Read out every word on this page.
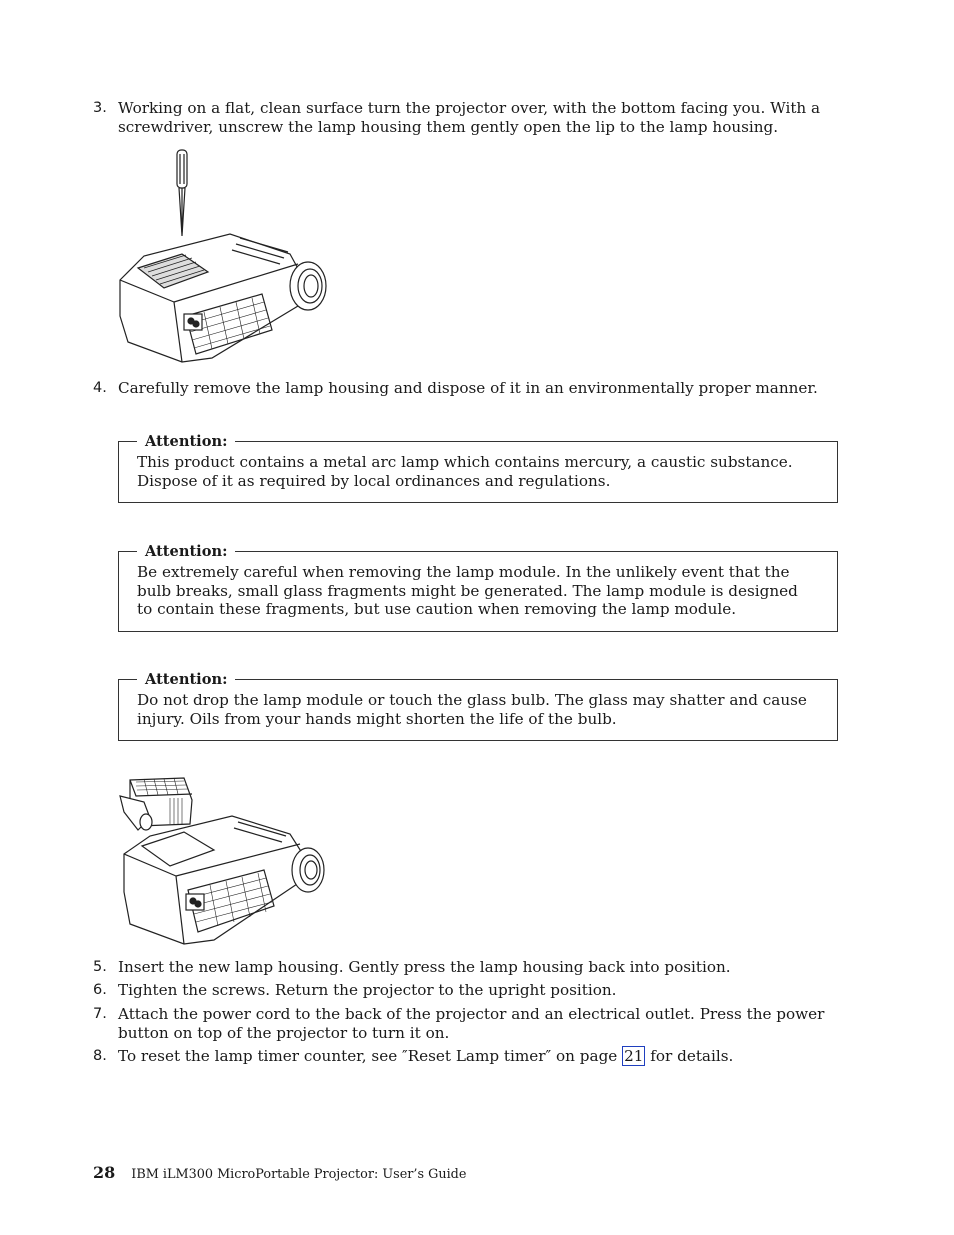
3. Working on a flat, clean surface turn the projector over, with the bottom facing you. With a screwdriver, unscrew the lamp housing them gently open the lip to the lamp housing.
4. Carefully remove the lamp housing and dispose of it in an environmentally proper manner.
Attention:
This product contains a metal arc lamp which contains mercury, a caustic substance. Dispose of it as required by local ordinances and regulations.
Attention:
Be extremely careful when removing the lamp module. In the unlikely event that the bulb breaks, small glass fragments might be generated. The lamp module is designed to contain these fragments, but use caution when removing the lamp module.
Attention:
Do not drop the lamp module or touch the glass bulb. The glass may shatter and cause injury. Oils from your hands might shorten the life of the bulb.
5. Insert the new lamp housing. Gently press the lamp housing back into position.
6. Tighten the screws. Return the projector to the upright position.
7. Attach the power cord to the back of the projector and an electrical outlet. Press the power button on top of the projector to turn it on.
8. To reset the lamp timer counter, see ″Reset Lamp timer″ on page 21 for details.
28 IBM iLM300 MicroPortable Projector: User’s Guide
